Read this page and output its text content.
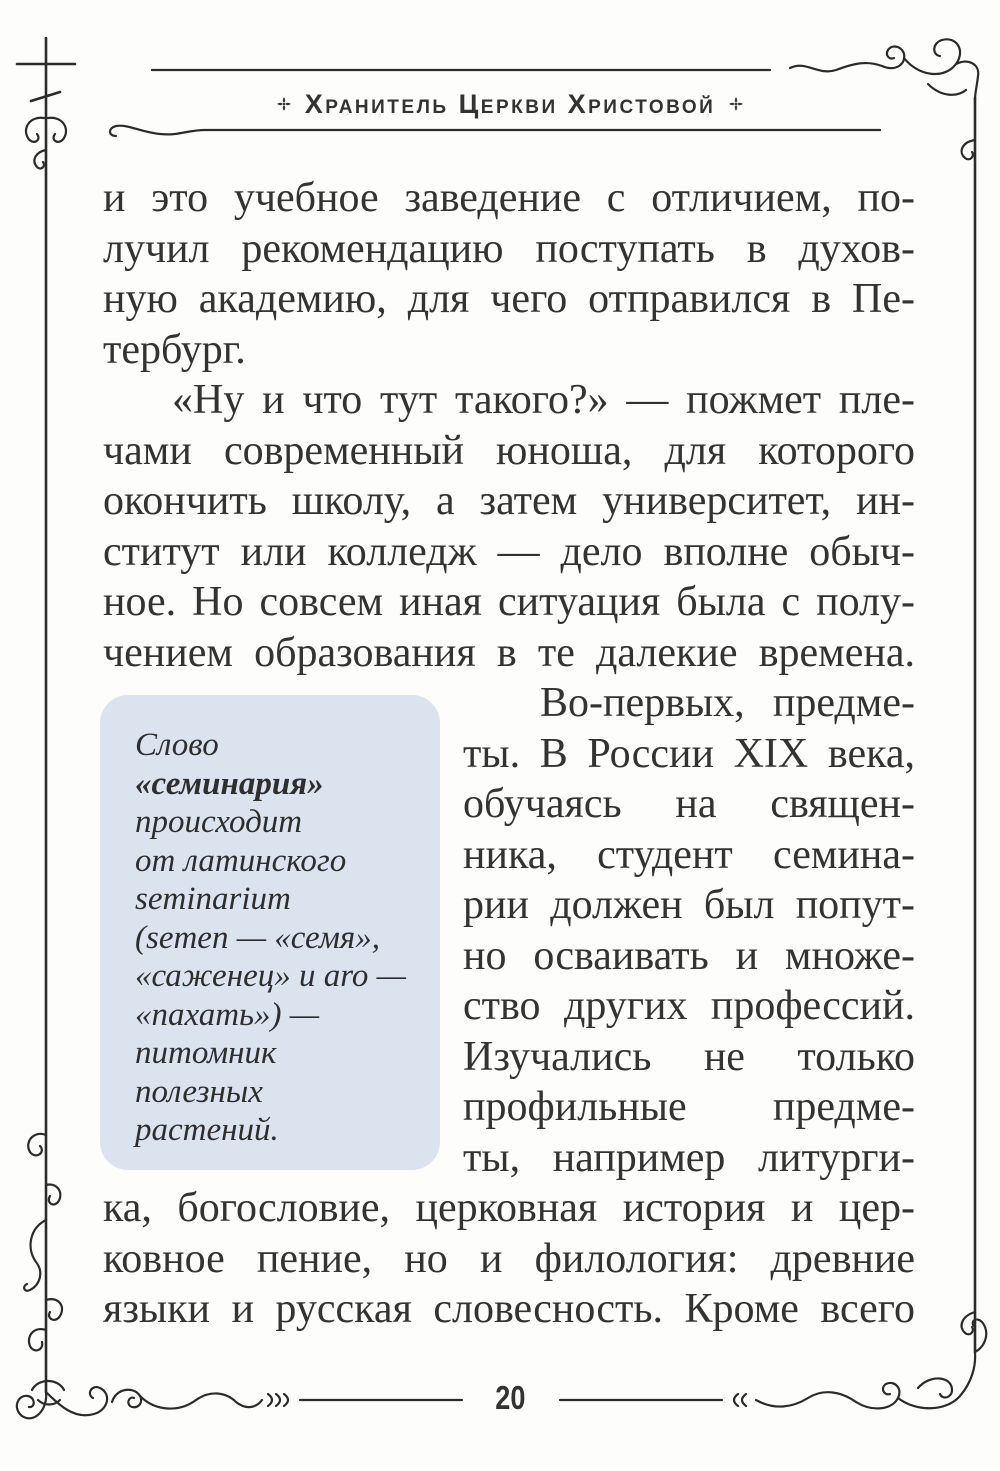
Хранитель Церкви Христовой
Слово
«семинария»
происходит
от латинского
seminarium
(semen — «семя»,
«саженец» и aro —
«пахать») —
питомник
полезных
растений.
и это учебное заведение с отличием, по-
лучил рекомендацию поступать в духов-
ную академию, для чего отправился в Пе-
тербург.
«Ну и что тут такого?» — пожмет пле-
чами современный юноша, для которого
окончить школу, а затем университет, ин-
ститут или колледж — дело вполне обыч-
ное. Но совсем иная ситуация была с полу-
чением образования в те далекие времена.
Во-первых, предме-
ты. В России XIX века,
обучаясь на священ-
ника, студент семина-
рии должен был попут-
но осваивать и множе-
ство других профессий.
Изучались не только
профильные предме-
ты, например литурги-
ка, богословие, церковная история и цер-
ковное пение, но и филология: древние
языки и русская словесность. Кроме всего
20
